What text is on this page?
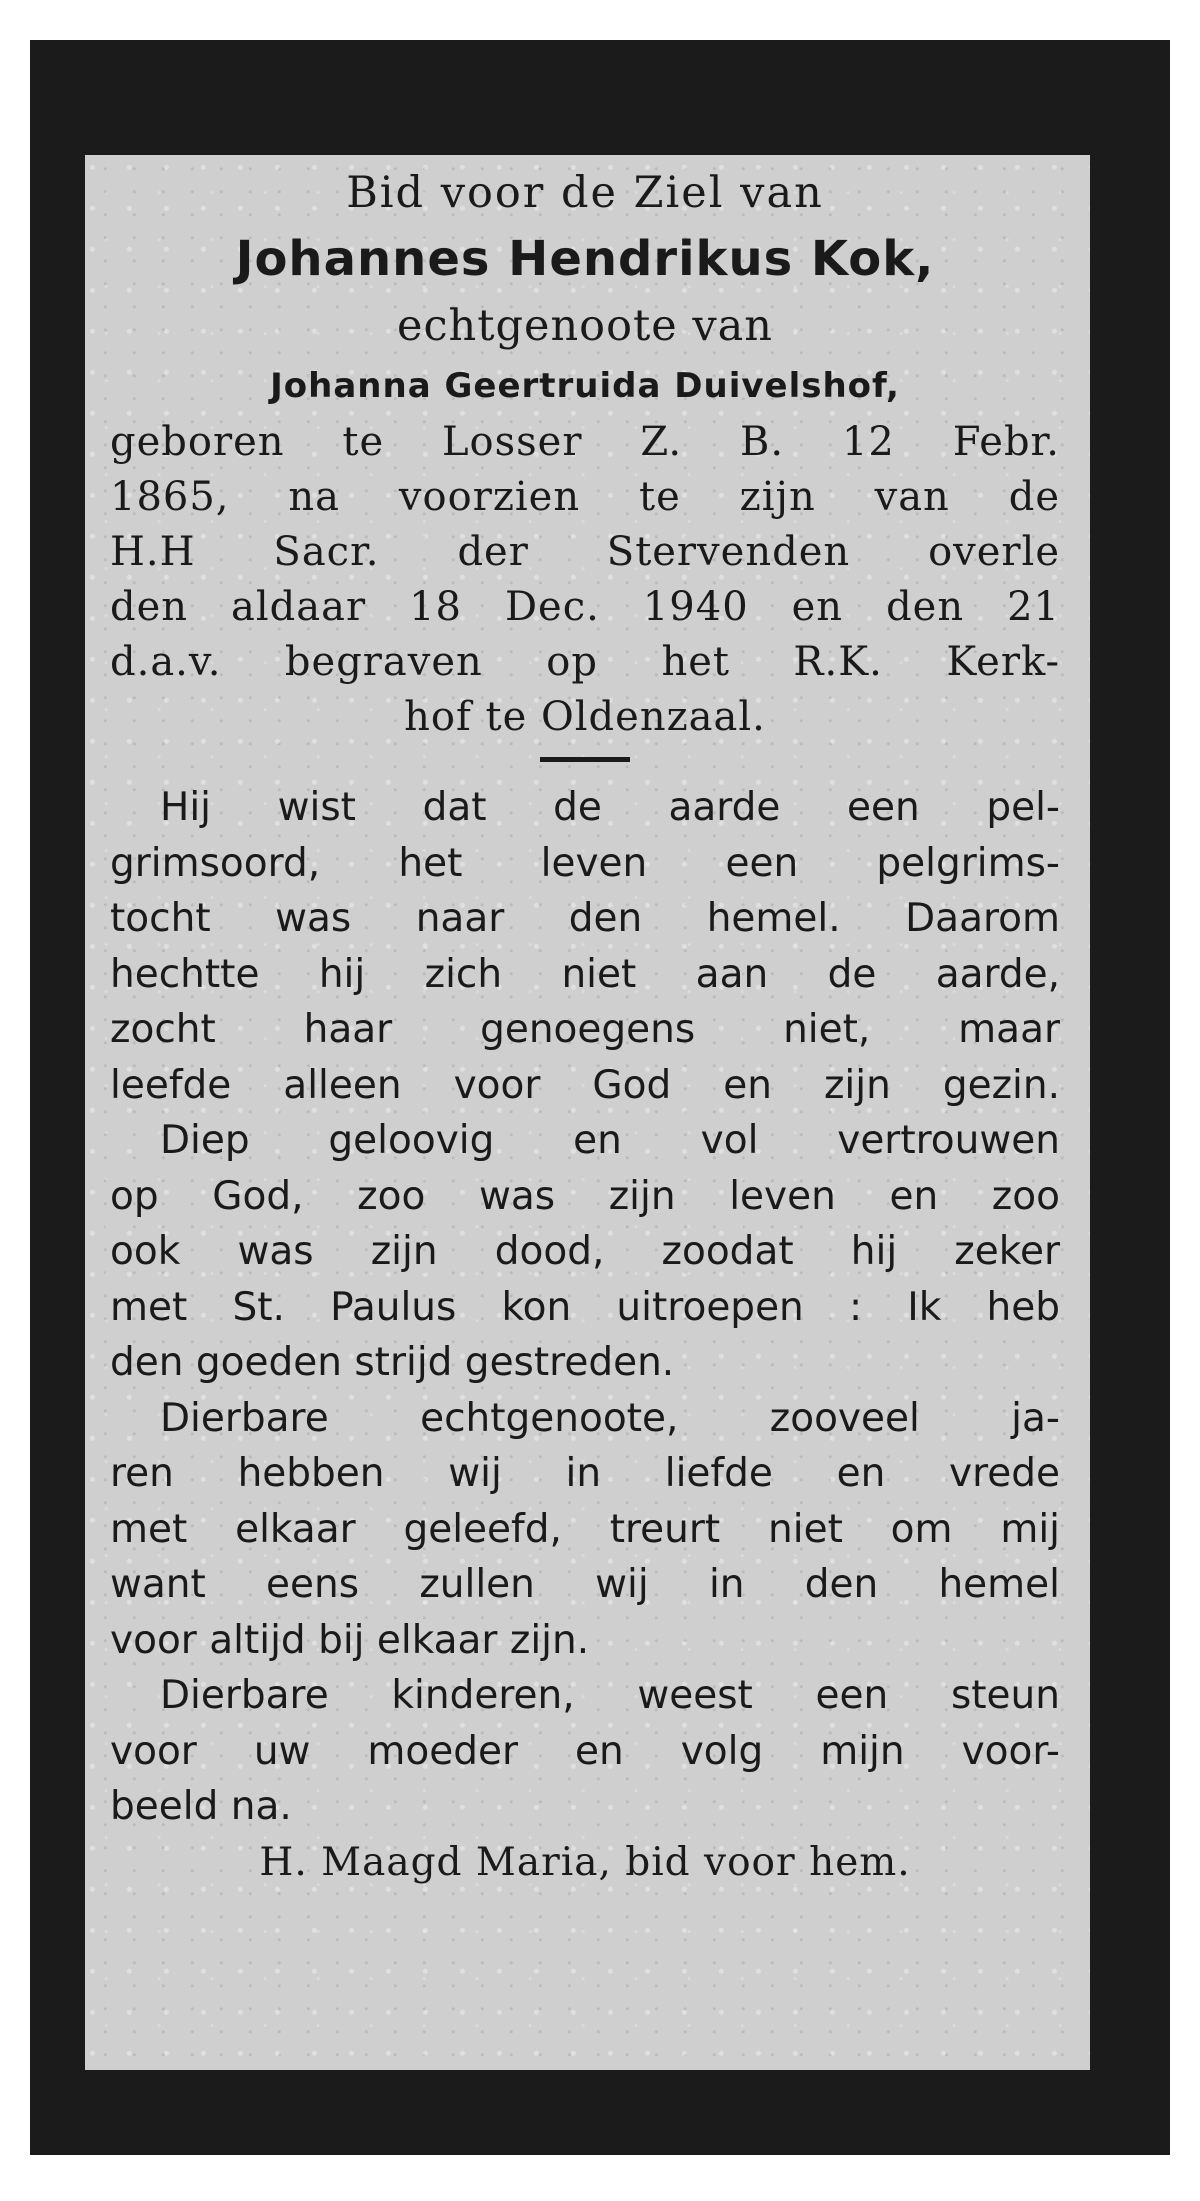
Bid voor de Ziel van

Johannes Hendrikus Kok,

echtgenoote van

Johanna Geertruida Duivelshof,

geboren te Losser Z. B. 12 Febr.
1865, na voorzien te zijn van de
H.H Sacr. der Stervenden overle
den aldaar 18 Dec. 1940 en den 21
d.a.v. begraven op het R.K. Kerk-
hof te Oldenzaal.
Hij wist dat de aarde een pel-
grimsoord, het leven een pelgrims-
tocht was naar den hemel. Daarom
hechtte hij zich niet aan de aarde,
zocht haar genoegens niet, maar
leefde alleen voor God en zijn gezin.
Diep geloovig en vol vertrouwen
op God, zoo was zijn leven en zoo
ook was zijn dood, zoodat hij zeker
met St. Paulus kon uitroepen : Ik heb
den goeden strijd gestreden.
Dierbare echtgenoote, zooveel ja-
ren hebben wij in liefde en vrede
met elkaar geleefd, treurt niet om mij
want eens zullen wij in den hemel
voor altijd bij elkaar zijn.
Dierbare kinderen, weest een steun
voor uw moeder en volg mijn voor-
beeld na.
H. Maagd Maria, bid voor hem.
